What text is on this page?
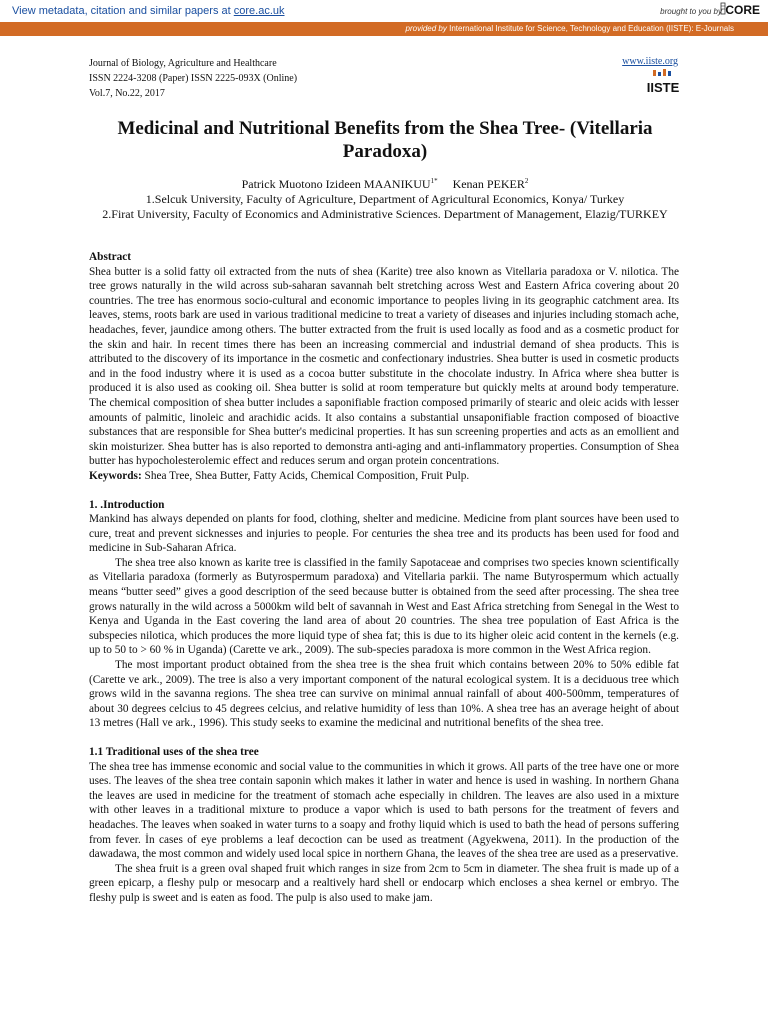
View metadata, citation and similar papers at core.ac.uk	brought to you by CORE
provided by International Institute for Science, Technology and Education (IISTE): E-Journals
Journal of Biology, Agriculture and Healthcare
ISSN 2224-3208 (Paper) ISSN 2225-093X (Online)
Vol.7, No.22, 2017
www.iiste.org
IISTE
Medicinal and Nutritional Benefits from the Shea Tree- (Vitellaria Paradoxa)
Patrick Muotono Izideen $MAANIKUU^{1*}$ Kenan PEKER$^2$
1.Selcuk University, Faculty of Agriculture, Department of Agricultural Economics, Konya/ Turkey
2.Firat University, Faculty of Economics and Administrative Sciences. Department of Management, Elazig/TURKEY
Abstract

Shea butter is a solid fatty oil extracted from the nuts of shea (Karite) tree also known as Vitellaria paradoxa or V. nilotica. The tree grows naturally in the wild across sub-saharan savannah belt stretching across West and Eastern Africa covering about 20 countries. The tree has enormous socio-cultural and economic importance to peoples living in its geographic catchment area. Its leaves, stems, roots bark are used in various traditional medicine to treat a variety of diseases and injuries including stomach ache, headaches, fever, jaundice among others. The butter extracted from the fruit is used locally as food and as a cosmetic product for the skin and hair. In recent times there has been an increasing commercial and industrial demand of shea products. This is attributed to the discovery of its importance in the cosmetic and confectionary industries. Shea butter is used in cosmetic products and in the food industry where it is used as a cocoa butter substitute in the chocolate industry. In Africa where shea butter is produced it is also used as cooking oil. Shea butter is solid at room temperature but quickly melts at around body temperature. The chemical composition of shea butter includes a saponifiable fraction composed primarily of stearic and oleic acids with lesser amounts of palmitic, linoleic and arachidic acids. It also contains a substantial unsaponifiable fraction composed of bioactive substances that are responsible for Shea butter's medicinal properties. It has sun screening properties and acts as an emollient and skin moisturizer. Shea butter has is also reported to demonstra anti-aging and anti-inflammatory properties. Consumption of Shea butter has hypocholesterolemic effect and reduces serum and organ protein concentrations.

Keywords: Shea Tree, Shea Butter, Fatty Acids, Chemical Composition, Fruit Pulp.

1. .Introduction

Mankind has always depended on plants for food, clothing, shelter and medicine. Medicine from plant sources have been used to cure, treat and prevent sicknesses and injuries to people. For centuries the shea tree and its products has been used for food and medicine in Sub-Saharan Africa.

The shea tree also known as karite tree is classified in the family Sapotaceae and comprises two species known scientifically as Vitellaria paradoxa (formerly as Butyrospermum paradoxa) and Vitellaria parkii. The name Butyrospermum which actually means “butter seed” gives a good description of the seed because butter is obtained from the seed after processing. The shea tree grows naturally in the wild across a 5000km wild belt of savannah in West and East Africa stretching from Senegal in the West to Kenya and Uganda in the East covering the land area of about 20 countries. The shea tree population of East Africa is the subspecies nilotica, which produces the more liquid type of shea fat; this is due to its higher oleic acid content in the kernels (e.g. up to 50 to > 60 % in Uganda) (Carette ve ark., 2009). The sub-species paradoxa is more common in the West Africa region.

The most important product obtained from the shea tree is the shea fruit which contains between 20% to 50% edible fat (Carette ve ark., 2009). The tree is also a very important component of the natural ecological system. It is a deciduous tree which grows wild in the savanna regions. The shea tree can survive on minimal annual rainfall of about 400-500mm, temperatures of about 30 degrees celcius to 45 degrees celcius, and relative humidity of less than 10%. A shea tree has an average height of about 13 metres (Hall ve ark., 1996). This study seeks to examine the medicinal and nutritional benefits of the shea tree.

1.1 Traditional uses of the shea tree

The shea tree has immense economic and social value to the communities in which it grows. All parts of the tree have one or more uses. The leaves of the shea tree contain saponin which makes it lather in water and hence is used in washing. In northern Ghana the leaves are used in medicine for the treatment of stomach ache especially in children. The leaves are also used in a mixture with other leaves in a traditional mixture to produce a vapor which is used to bath persons for the treatment of fevers and headaches. The leaves when soaked in water turns to a soapy and frothy liquid which is used to bath the head of persons suffering from fever. İn cases of eye problems a leaf decoction can be used as treatment (Agyekwena, 2011). In the production of the dawadawa, the most common and widely used local spice in northern Ghana, the leaves of the shea tree are used as a preservative.

The shea fruit is a green oval shaped fruit which ranges in size from 2cm to 5cm in diameter. The shea fruit is made up of a green epicarp, a fleshy pulp or mesocarp and a realtively hard shell or endocarp which encloses a shea kernel or embryo. The fleshy pulp is sweet and is eaten as food. The pulp is also used to make jam.
